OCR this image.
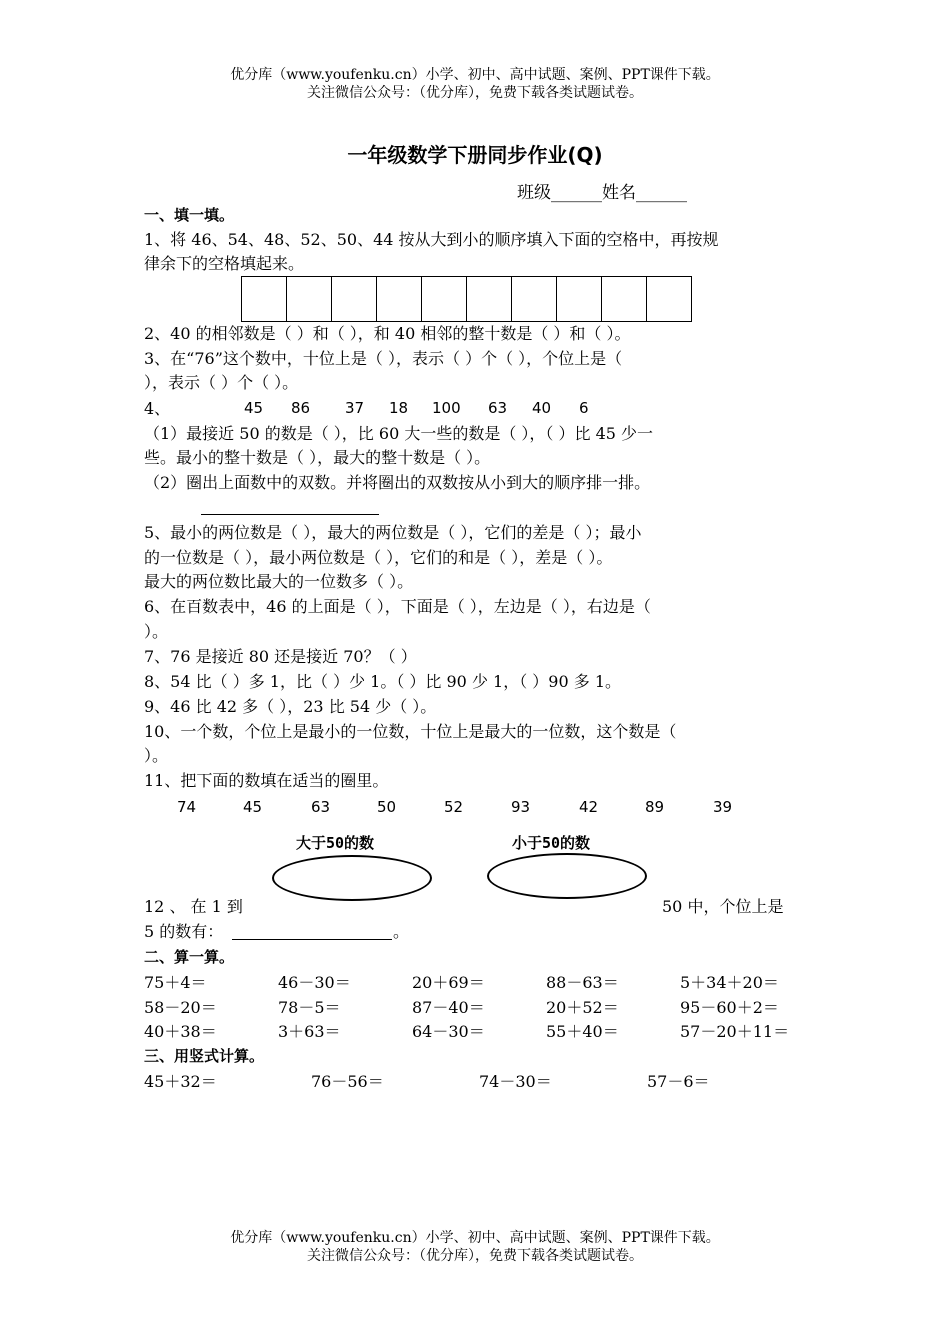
优分库（www.youfenku.cn）小学、初中、高中试题、案例、PPT课件下载。
关注微信公众号：（优分库），免费下载各类试题试卷。
一年级数学下册同步作业(Q)
班级______姓名______
一、填一填。
1、将 46、54、48、52、50、44 按从大到小的顺序填入下面的空格中，再按规
律余下的空格填起来。
2、40 的相邻数是（ ）和（ ），和 40 相邻的整十数是（ ）和（ ）。
3、在“76”这个数中，十位上是（ ），表示（ ）个（ ），个位上是（
），表示（ ）个（ ）。
4、	45 86 37 18 100 63 40 6
（1）最接近 50 的数是（ ），比 60 大一些的数是（ ），（ ）比 45 少一
些。最小的整十数是（ ），最大的整十数是（ ）。
（2）圈出上面数中的双数。并将圈出的双数按从小到大的顺序排一排。
5、最小的两位数是（ ），最大的两位数是（ ），它们的差是（ ）；最小
的一位数是（ ），最小两位数是（ ），它们的和是（ ），差是（ ）。
最大的两位数比最大的一位数多（ ）。
6、在百数表中，46 的上面是（ ），下面是（ ），左边是（ ），右边是（
）。
7、76 是接近 80 还是接近 70？（ ）
8、54 比（ ）多 1，比（ ）少 1。（ ）比 90 少 1，（ ）90 多 1。
9、46 比 42 多（ ），23 比 54 少（ ）。
10、一个数，个位上是最小的一位数，十位上是最大的一位数，这个数是（
）。
11、把下面的数填在适当的圈里。
74	45	63	50	52	93	42	89	39
大于50的数	小于50的数
12 、 在 1 到	50 中，个位上是
5 的数有：	。
二、算一算。
75＋4＝	46－30＝	20＋69＝	88－63＝	5＋34＋20＝
58－20＝	78－5＝	87－40＝	20＋52＝	95－60＋2＝
40＋38＝	3＋63＝	64－30＝	55＋40＝	57－20＋11＝
三、用竖式计算。
45＋32＝	76－56＝	74－30＝	57－6＝
优分库（www.youfenku.cn）小学、初中、高中试题、案例、PPT课件下载。
关注微信公众号：（优分库），免费下载各类试题试卷。
